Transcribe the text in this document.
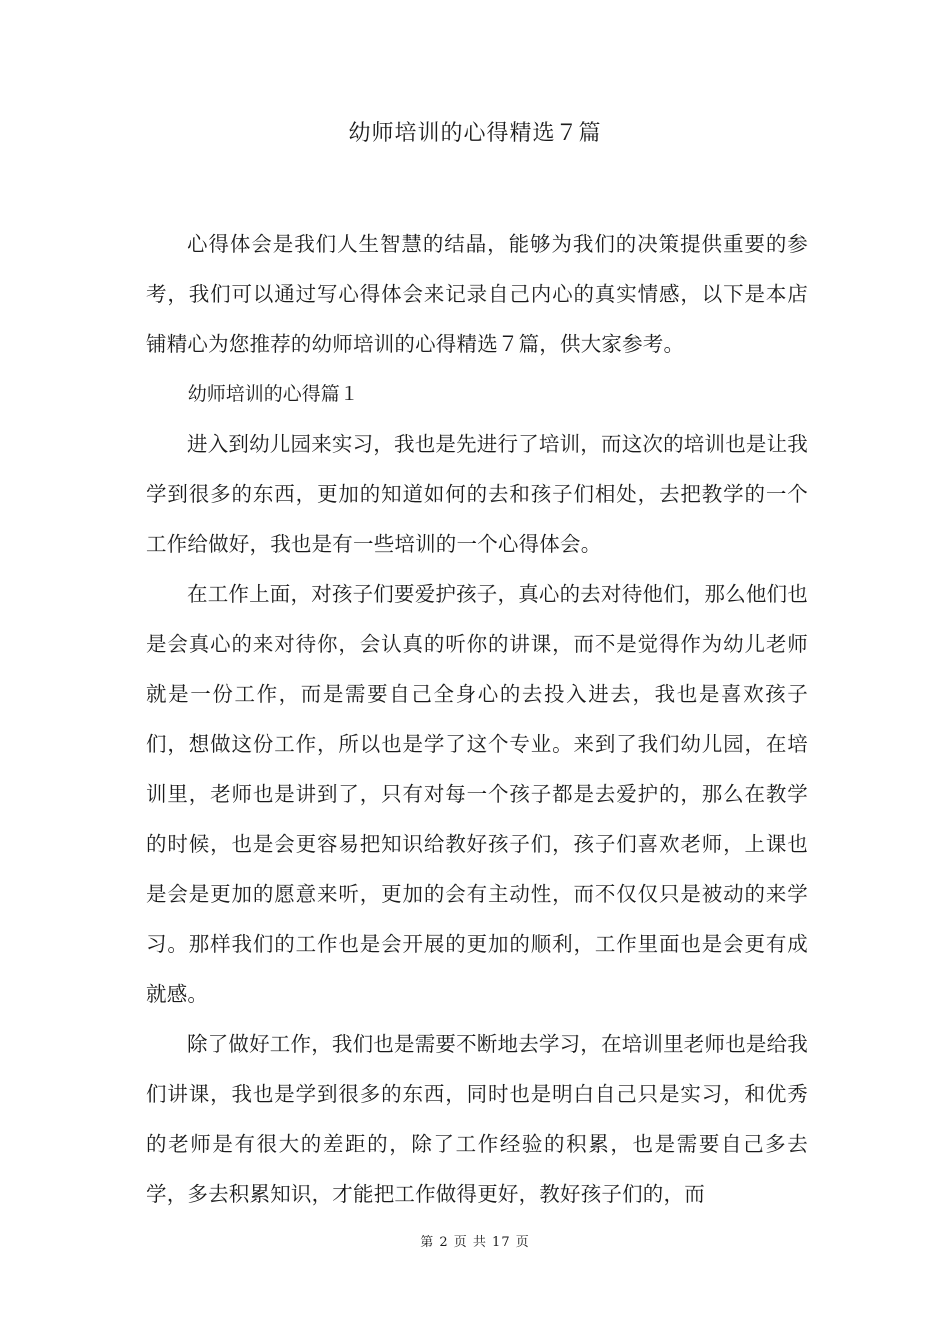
幼师培训的心得精选７篇

心得体会是我们人生智慧的结晶，能够为我们的决策提供重要的参考，我们可以通过写心得体会来记录自己内心的真实情感，以下是本店铺精心为您推荐的幼师培训的心得精选７篇，供大家参考。

幼师培训的心得篇１

进入到幼儿园来实习，我也是先进行了培训，而这次的培训也是让我学到很多的东西，更加的知道如何的去和孩子们相处，去把教学的一个工作给做好，我也是有一些培训的一个心得体会。

在工作上面，对孩子们要爱护孩子，真心的去对待他们，那么他们也是会真心的来对待你，会认真的听你的讲课，而不是觉得作为幼儿老师就是一份工作，而是需要自己全身心的去投入进去，我也是喜欢孩子们，想做这份工作，所以也是学了这个专业。来到了我们幼儿园，在培训里，老师也是讲到了，只有对每一个孩子都是去爱护的，那么在教学的时候，也是会更容易把知识给教好孩子们，孩子们喜欢老师，上课也是会是更加的愿意来听，更加的会有主动性，而不仅仅只是被动的来学习。那样我们的工作也是会开展的更加的顺利，工作里面也是会更有成就感。

除了做好工作，我们也是需要不断地去学习，在培训里老师也是给我们讲课，我也是学到很多的东西，同时也是明白自己只是实习，和优秀的老师是有很大的差距的，除了工作经验的积累，也是需要自己多去学，多去积累知识，才能把工作做得更好，教好孩子们的，而

第 2 页 共 17 页
